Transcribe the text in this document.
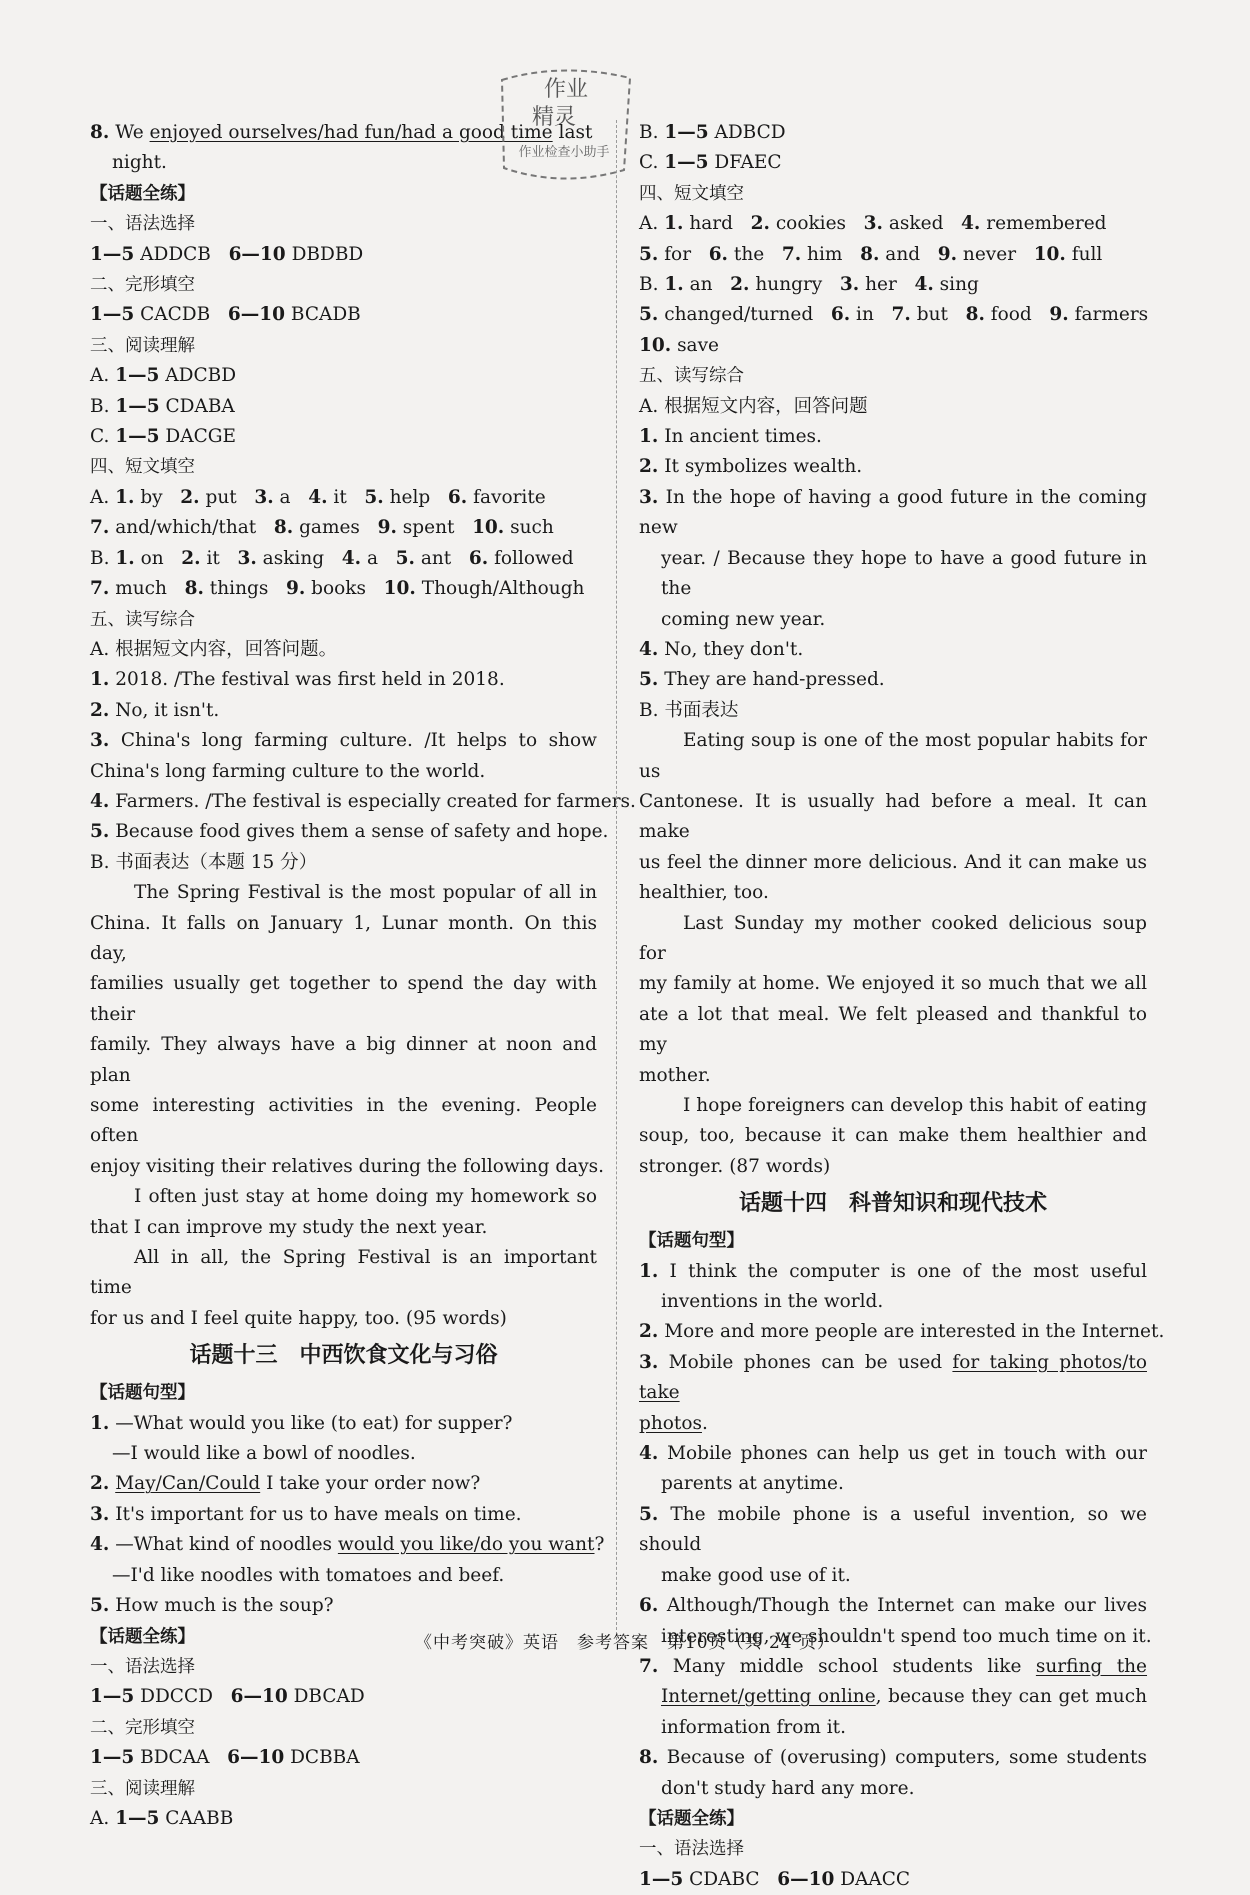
8. We enjoyed ourselves/had fun/had a good time last
night.
【话题全练】
一、语法选择
1—5 ADDCB   6—10 DBDBD
二、完形填空
1—5 CACDB   6—10 BCADB
三、阅读理解
A. 1—5 ADCBD
B. 1—5 CDABA
C. 1—5 DACGE
四、短文填空
A. 1. by   2. put   3. a   4. it   5. help   6. favorite
7. and/which/that   8. games   9. spent   10. such
B. 1. on   2. it   3. asking   4. a   5. ant   6. followed
7. much   8. things   9. books   10. Though/Although
五、读写综合
A. 根据短文内容，回答问题。
1. 2018. /The festival was first held in 2018.
2. No, it isn't.
3. China's long farming culture. /It helps to show
China's long farming culture to the world.
4. Farmers. /The festival is especially created for farmers.
5. Because food gives them a sense of safety and hope.
B. 书面表达（本题 15 分）
The Spring Festival is the most popular of all in
China. It falls on January 1, Lunar month. On this day,
families usually get together to spend the day with their
family. They always have a big dinner at noon and plan
some interesting activities in the evening. People often
enjoy visiting their relatives during the following days.
I often just stay at home doing my homework so
that I can improve my study the next year.
All in all, the Spring Festival is an important time
for us and I feel quite happy, too. (95 words)
话题十三　中西饮食文化与习俗
【话题句型】
1. —What would you like (to eat) for supper?
—I would like a bowl of noodles.
2. May/Can/Could I take your order now?
3. It's important for us to have meals on time.
4. —What kind of noodles would you like/do you want?
—I'd like noodles with tomatoes and beef.
5. How much is the soup?
【话题全练】
一、语法选择
1—5 DDCCD   6—10 DBCAD
二、完形填空
1—5 BDCAA   6—10 DCBBA
三、阅读理解
A. 1—5 CAABB
B. 1—5 ADBCD
C. 1—5 DFAEC
四、短文填空
A. 1. hard   2. cookies   3. asked   4. remembered
5. for   6. the   7. him   8. and   9. never   10. full
B. 1. an   2. hungry   3. her   4. sing
5. changed/turned   6. in   7. but   8. food   9. farmers
10. save
五、读写综合
A. 根据短文内容，回答问题
1. In ancient times.
2. It symbolizes wealth.
3. In the hope of having a good future in the coming new
year. / Because they hope to have a good future in the
coming new year.
4. No, they don't.
5. They are hand-pressed.
B. 书面表达
Eating soup is one of the most popular habits for us
Cantonese. It is usually had before a meal. It can make
us feel the dinner more delicious. And it can make us
healthier, too.
Last Sunday my mother cooked delicious soup for
my family at home. We enjoyed it so much that we all
ate a lot that meal. We felt pleased and thankful to my
mother.
I hope foreigners can develop this habit of eating
soup, too, because it can make them healthier and
stronger. (87 words)
话题十四　科普知识和现代技术
【话题句型】
1. I think the computer is one of the most useful
inventions in the world.
2. More and more people are interested in the Internet.
3. Mobile phones can be used for taking photos/to take
photos.
4. Mobile phones can help us get in touch with our
parents at anytime.
5. The mobile phone is a useful invention, so we should
make good use of it.
6. Although/Though the Internet can make our lives
interesting, we shouldn't spend too much time on it.
7. Many middle school students like surfing the
Internet/getting online, because they can get much
information from it.
8. Because of (overusing) computers, some students
don't study hard any more.
【话题全练】
一、语法选择
1—5 CDABC   6—10 DAACC
作业
精灵
作业检查小助手
《中考突破》英语　参考答案　第10页（共 24 页）
